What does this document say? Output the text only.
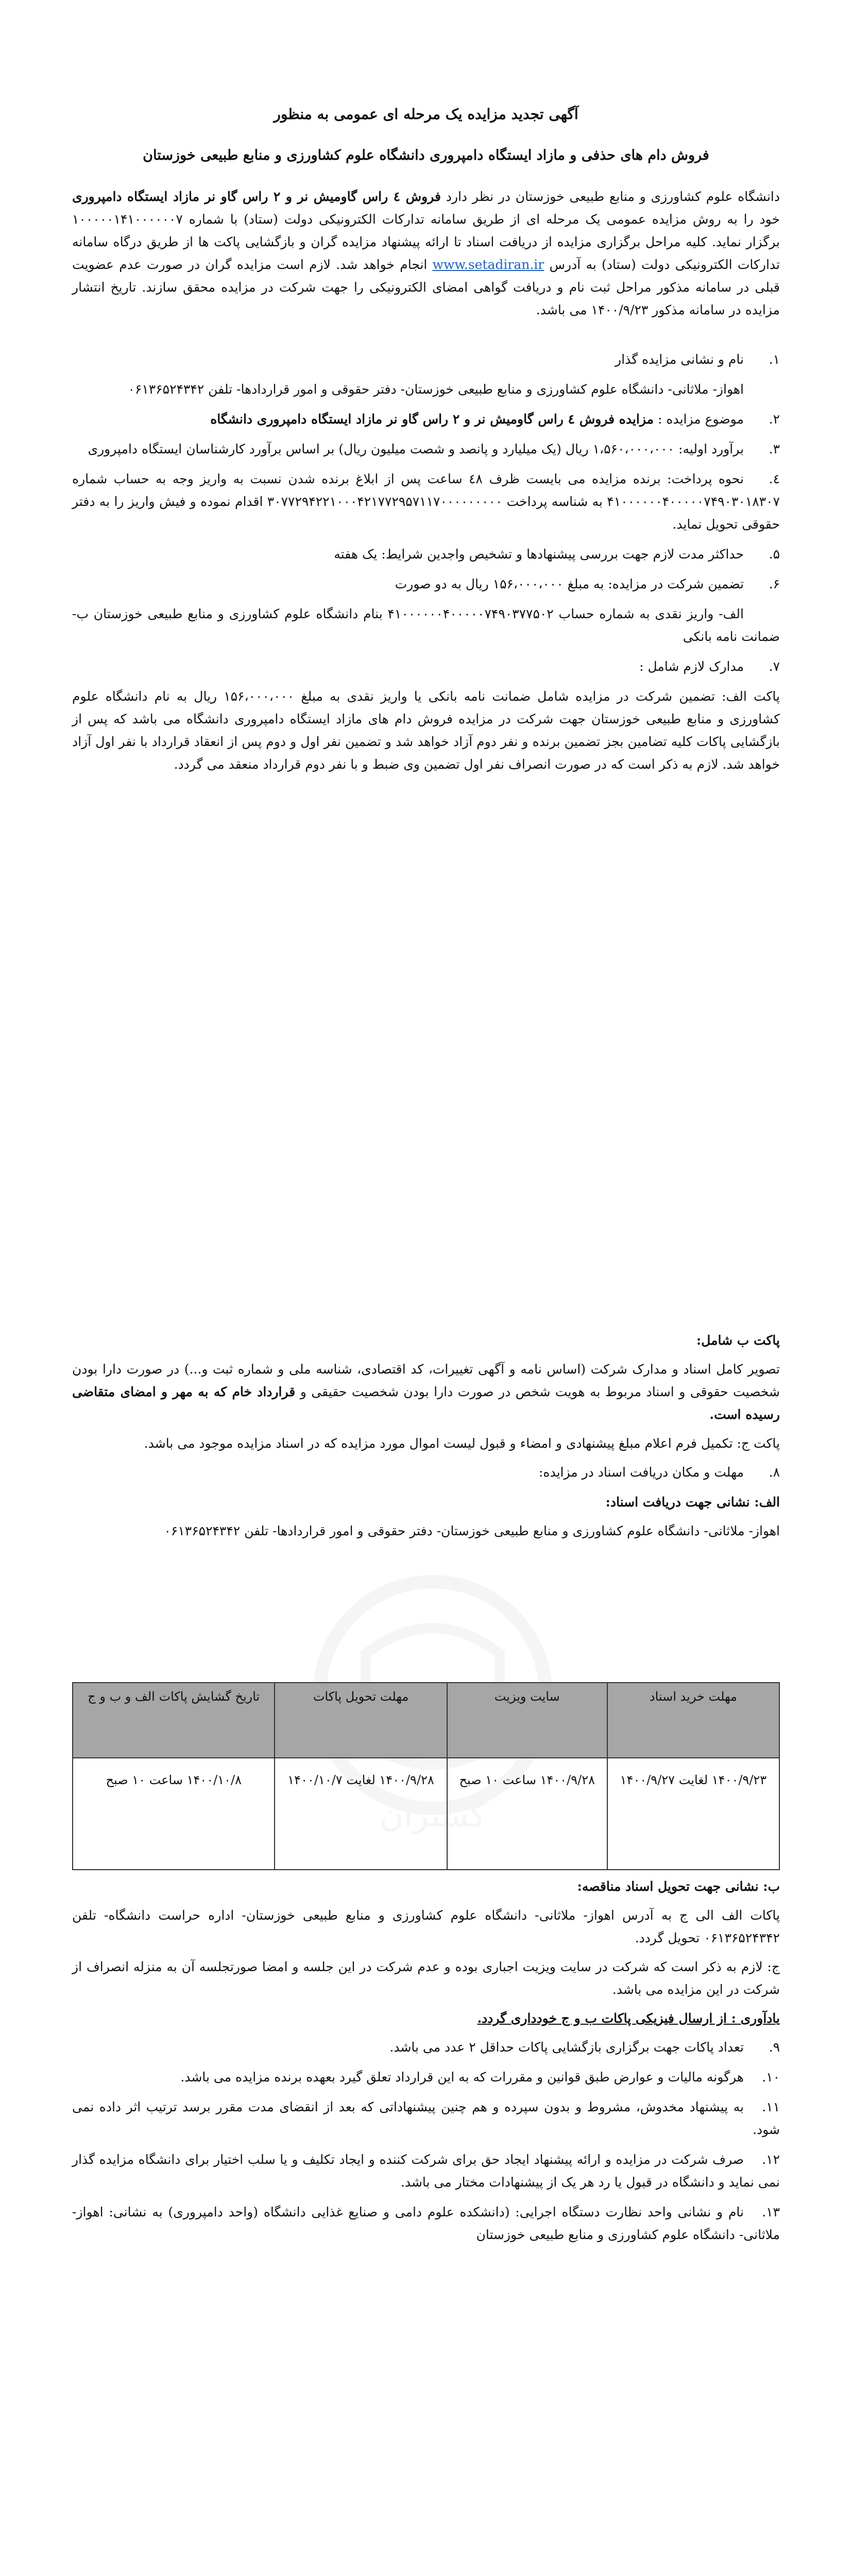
گستران

آگهی تجدید مزایده یک مرحله ای عمومی به منظور

فروش دام های حذفی و مازاد ایستگاه دامپروری دانشگاه علوم کشاورزی و منابع طبیعی خوزستان

دانشگاه علوم کشاورزی و منابع طبیعی خوزستان در نظر دارد فروش ٤ راس گاومیش نر و ٢ راس گاو نر مازاد ایستگاه دامپروری خود را به روش مزایده عمومی یک مرحله ای از طریق سامانه تدارکات الکترونیکی دولت (ستاد) با شماره ۱۰۰۰۰۰۱۴۱۰۰۰۰۰۰۷ برگزار نماید. کلیه مراحل برگزاری مزایده از دریافت اسناد تا ارائه پیشنهاد مزایده گران و بازگشایی پاکت ها از طریق درگاه سامانه تدارکات الکترونیکی دولت (ستاد) به آدرس www.setadiran.ir انجام خواهد شد. لازم است مزایده گران در صورت عدم عضویت قبلی در سامانه مذکور مراحل ثبت نام و دریافت گواهی امضای الکترونیکی را جهت شرکت در مزایده محقق سازند. تاریخ انتشار مزایده در سامانه مذکور ۱۴۰۰/۹/۲۳ می باشد.

۱.نام و نشانی مزایده گذار
اهواز- ملاثانی- دانشگاه علوم کشاورزی و منابع طبیعی خوزستان- دفتر حقوقی و امور قراردادها- تلفن ۰۶۱۳۶۵۲۴۳۴۲
۲.موضوع مزایده : مزایده فروش ٤ راس گاومیش نر و ٢ راس گاو نر مازاد ایستگاه دامپروری دانشگاه
۳.برآورد اولیه: ۱،۵۶۰،۰۰۰،۰۰۰ ریال (یک میلیارد و پانصد و شصت میلیون ریال) بر اساس برآورد کارشناسان ایستگاه دامپروری
٤.نحوه پرداخت: برنده مزایده می بایست ظرف ٤٨ ساعت پس از ابلاغ برنده شدن نسبت به واریز وجه به حساب شماره ۴۱۰۰۰۰۰۰۴۰۰۰۰۰۷۴۹۰۳۰۱۸۳۰۷ به شناسه پرداخت ۳۰۷۷۲۹۴۲۲۱۰۰۰۴۲۱۷۷۲۹۵۷۱۱۷۰۰۰۰۰۰۰۰۰ اقدام نموده و فیش واریز را به دفتر حقوقی تحویل نماید.
۵.حداکثر مدت لازم جهت بررسی پیشنهادها و تشخیص واجدین شرایط: یک هفته
۶.تضمین شرکت در مزایده: به مبلغ ۱۵۶،۰۰۰،۰۰۰ ریال به دو صورت
الف- واریز نقدی به شماره حساب ۴۱۰۰۰۰۰۰۴۰۰۰۰۰۷۴۹۰۳۷۷۵۰۲ بنام دانشگاه علوم کشاورزی و منابع طبیعی خوزستان ب- ضمانت نامه بانکی
۷.مدارک لازم شامل :

پاکت الف: تضمین شرکت در مزایده شامل ضمانت نامه بانکی یا واریز نقدی به مبلغ ۱۵۶،۰۰۰،۰۰۰ ریال به نام دانشگاه علوم کشاورزی و منابع طبیعی خوزستان جهت شرکت در مزایده فروش دام های مازاد ایستگاه دامپروری دانشگاه می باشد که پس از بازگشایی پاکات کلیه تضامین بجز تضمین برنده و نفر دوم آزاد خواهد شد و تضمین نفر اول و دوم پس از انعقاد قرارداد با نفر اول آزاد خواهد شد. لازم به ذکر است که در صورت انصراف نفر اول تضمین وی ضبط و با نفر دوم قرارداد منعقد می گردد.

پاکت ب شامل:

تصویر کامل اسناد و مدارک شرکت (اساس نامه و آگهی تغییرات، کد اقتصادی، شناسه ملی و شماره ثبت و...) در صورت دارا بودن شخصیت حقوقی و اسناد مربوط به هویت شخص در صورت دارا بودن شخصیت حقیقی و قرارداد خام که به مهر و امضای متقاضی رسیده است.

پاکت ج: تکمیل فرم اعلام مبلغ پیشنهادی و امضاء و قبول لیست اموال مورد مزایده که در اسناد مزایده موجود می باشد.

۸.مهلت و مکان دریافت اسناد در مزایده:

الف: نشانی جهت دریافت اسناد:

اهواز- ملاثانی- دانشگاه علوم کشاورزی و منابع طبیعی خوزستان- دفتر حقوقی و امور قراردادها- تلفن ۰۶۱۳۶۵۲۴۳۴۲

مهلت خرید اسناد	سایت ویزیت	مهلت تحویل پاکات	تاریخ گشایش پاکات الف و ب و ج
۱۴۰۰/۹/۲۳ لغایت ۱۴۰۰/۹/۲۷	۱۴۰۰/۹/۲۸ ساعت ۱۰ صبح	۱۴۰۰/۹/۲۸ لغایت ۱۴۰۰/۱۰/۷	۱۴۰۰/۱۰/۸ ساعت ۱۰ صبح

ب: نشانی جهت تحویل اسناد مناقصه:

پاکات الف الی ج به آدرس اهواز- ملاثانی- دانشگاه علوم کشاورزی و منابع طبیعی خوزستان- اداره حراست دانشگاه- تلفن ۰۶۱۳۶۵۲۴۳۴۲ تحویل گردد.

ج: لازم به ذکر است که شرکت در سایت ویزیت اجباری بوده و عدم شرکت در این جلسه و امضا صورتجلسه آن به منزله انصراف از شرکت در این مزایده می باشد.

یادآوری : از ارسال فیزیکی پاکات ب و ج خودداری گردد.

۹.تعداد پاکات جهت برگزاری بازگشایی پاکات حداقل ۲ عدد می باشد.
۱۰.هرگونه مالیات و عوارض طبق قوانین و مقررات که به این قرارداد تعلق گیرد بعهده برنده مزایده می باشد.
۱۱.به پیشنهاد مخدوش، مشروط و بدون سپرده و هم چنین پیشنهاداتی که بعد از انقضای مدت مقرر برسد ترتیب اثر داده نمی شود.
۱۲.صرف شرکت در مزایده و ارائه پیشنهاد ایجاد حق برای شرکت کننده و ایجاد تکلیف و یا سلب اختیار برای دانشگاه مزایده گذار نمی نماید و دانشگاه در قبول یا رد هر یک از پیشنهادات مختار می باشد.
۱۳.نام و نشانی واحد نظارت دستگاه اجرایی: (دانشکده علوم دامی و صنایع غذایی دانشگاه (واحد دامپروری) به نشانی: اهواز- ملاثانی- دانشگاه علوم کشاورزی و منابع طبیعی خوزستان
